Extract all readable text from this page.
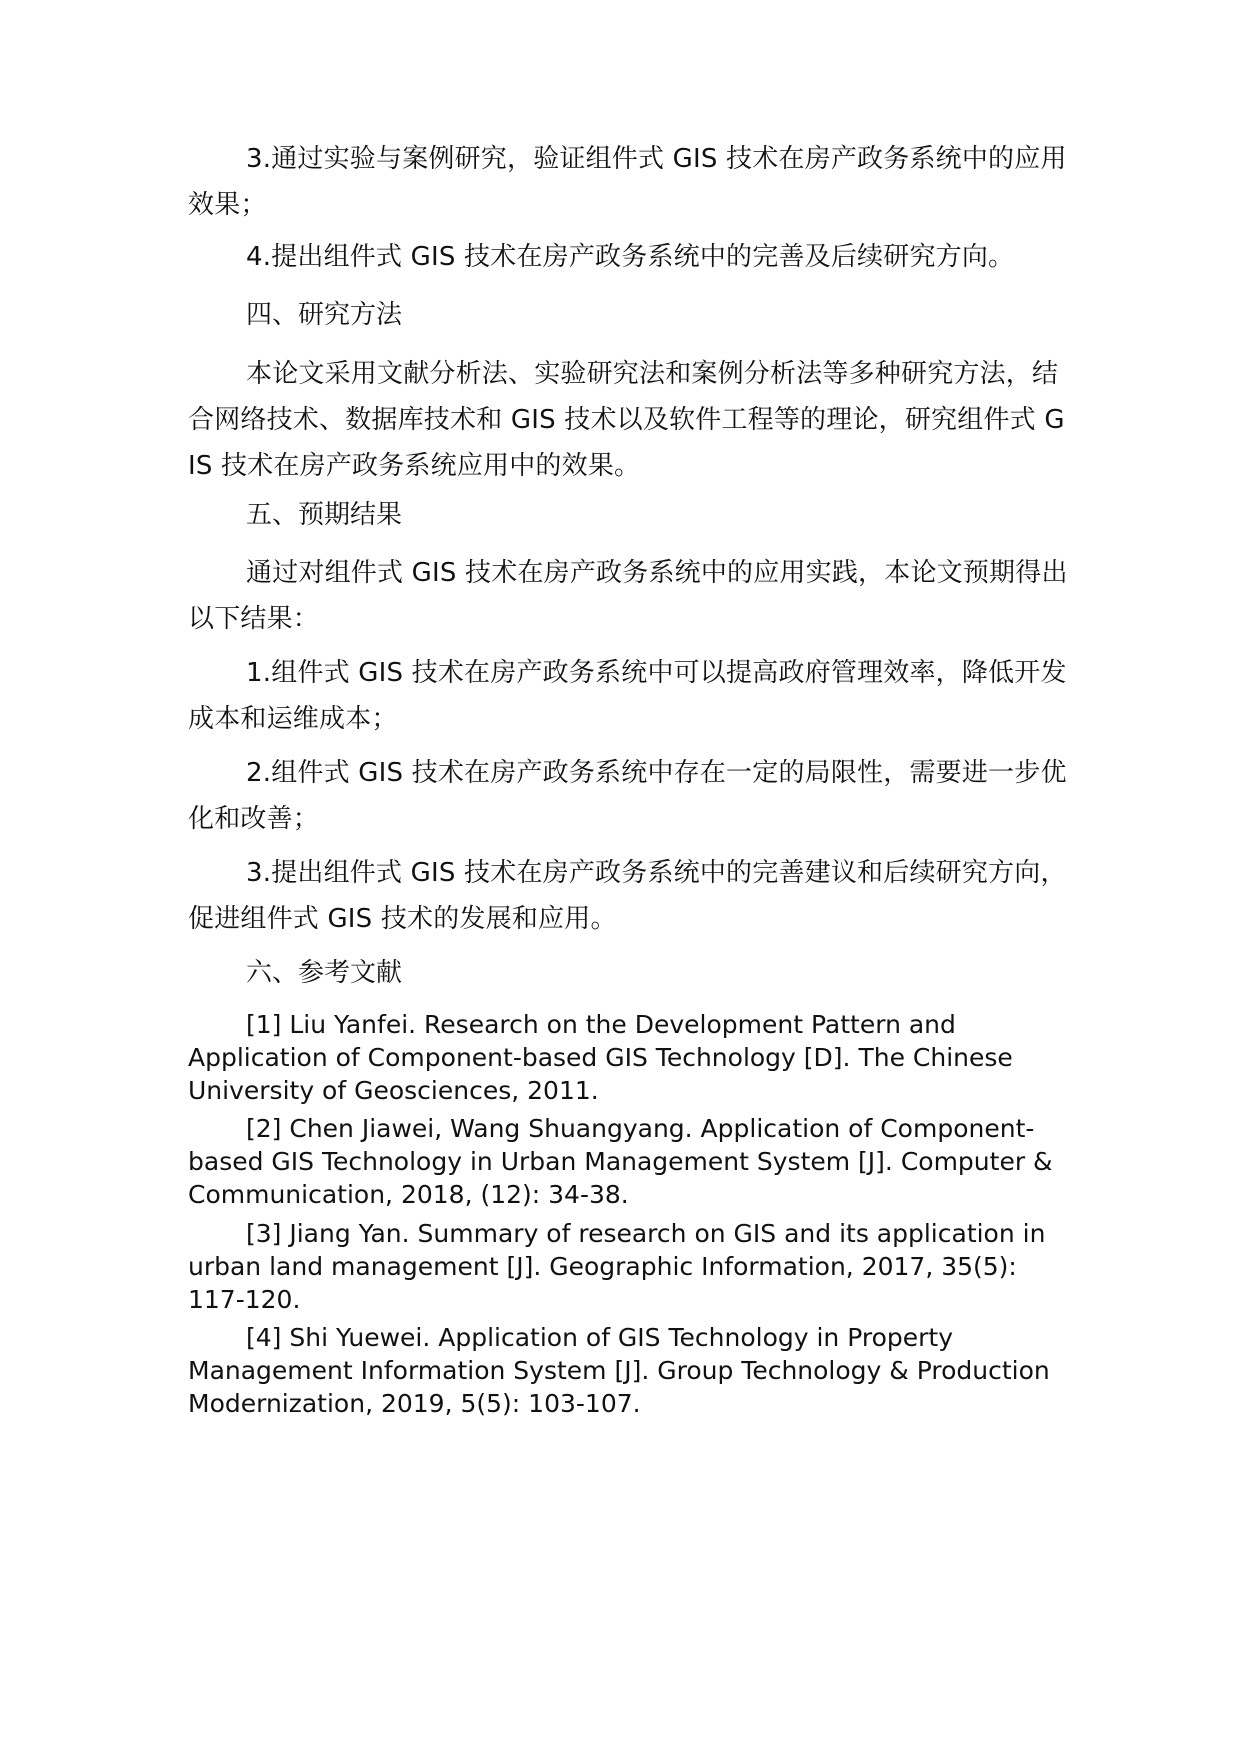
3.通过实验与案例研究，验证组件式 GIS 技术在房产政务系统中的应用效果；

4.提出组件式 GIS 技术在房产政务系统中的完善及后续研究方向。

四、研究方法

本论文采用文献分析法、实验研究法和案例分析法等多种研究方法，结合网络技术、数据库技术和 GIS 技术以及软件工程等的理论，研究组件式 GIS 技术在房产政务系统应用中的效果。

五、预期结果

通过对组件式 GIS 技术在房产政务系统中的应用实践，本论文预期得出以下结果：

1.组件式 GIS 技术在房产政务系统中可以提高政府管理效率，降低开发成本和运维成本；

2.组件式 GIS 技术在房产政务系统中存在一定的局限性，需要进一步优化和改善；

3.提出组件式 GIS 技术在房产政务系统中的完善建议和后续研究方向，促进组件式 GIS 技术的发展和应用。

六、参考文献

[1] Liu Yanfei. Research on the Development Pattern and Application of Component-based GIS Technology [D]. The Chinese University of Geosciences, 2011.

[2] Chen Jiawei, Wang Shuangyang. Application of Component-based GIS Technology in Urban Management System [J]. Computer & Communication, 2018, (12): 34-38.

[3] Jiang Yan. Summary of research on GIS and its application in urban land management [J]. Geographic Information, 2017, 35(5): 117-120.

[4] Shi Yuewei. Application of GIS Technology in Property Management Information System [J]. Group Technology & Production Modernization, 2019, 5(5): 103-107.
